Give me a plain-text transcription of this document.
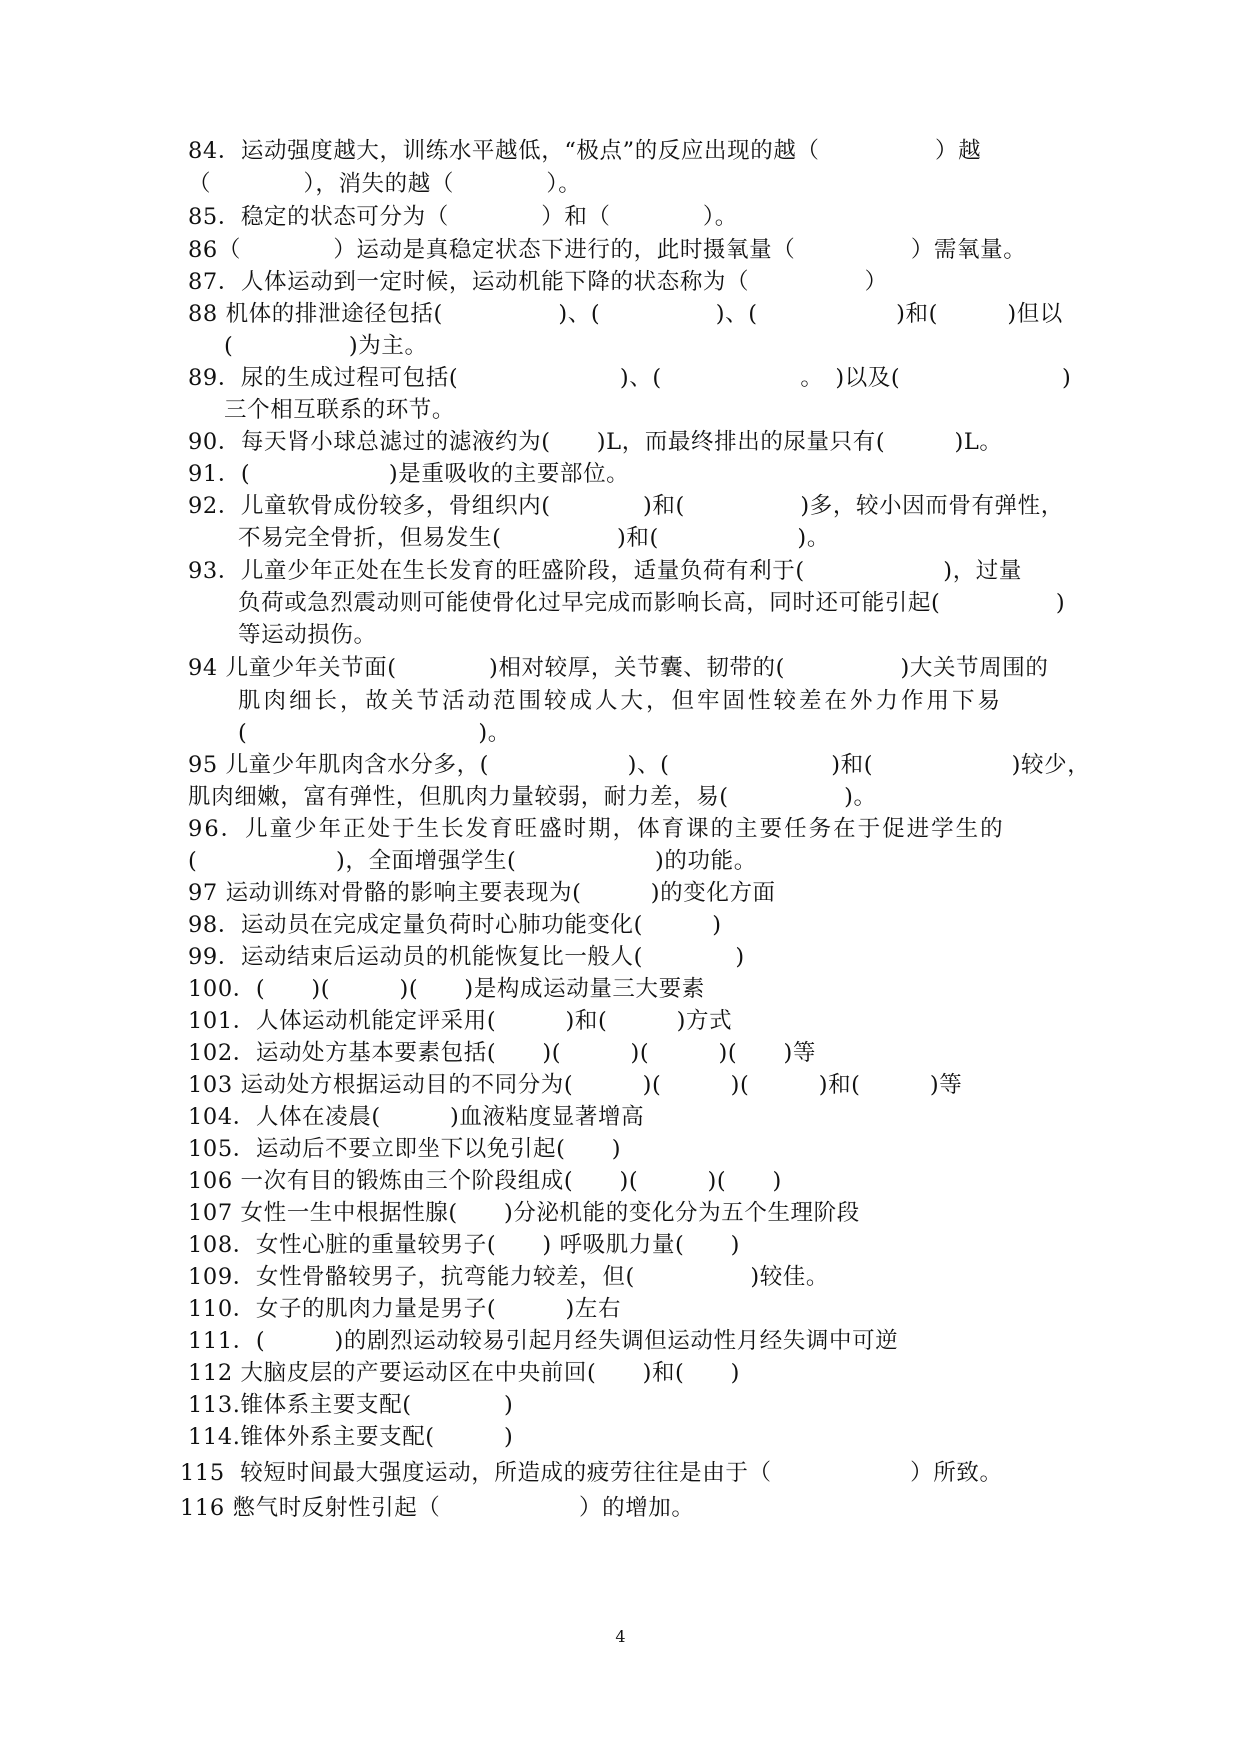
84．运动强度越大，训练水平越低，“极点”的反应出现的越（　　　　　）越
（　　　　），消失的越（　　　　）。
85．稳定的状态可分为（　　　　）和（　　　　）。
86（　　　　）运动是真稳定状态下进行的，此时摄氧量（　　　　　）需氧量。
87．人体运动到一定时候，运动机能下降的状态称为（　　　　　）
88 机体的排泄途径包括(　　　　　)、(　　　　　)、(　　　　　　)和(　　　)但以
(　　　　　)为主。
89．尿的生成过程可包括(　　　　　　　)、(　　　　　　。　)以及(　　　　　　　)
三个相互联系的环节。
90．每天肾小球总滤过的滤液约为(　　)L，而最终排出的尿量只有(　　　)L。
91．(　　　　　　)是重吸收的主要部位。
92．儿童软骨成份较多，骨组织内(　　　　)和(　　　　　)多，较小因而骨有弹性，
不易完全骨折，但易发生(　　　　　)和(　　　　　　)。
93．儿童少年正处在生长发育的旺盛阶段，适量负荷有利于(　　　　　　)，过量
负荷或急烈震动则可能使骨化过早完成而影响长高，同时还可能引起(　　　　　)
等运动损伤。
94 儿童少年关节面(　　　　)相对较厚，关节囊、韧带的(　　　　　)大关节周围的
肌肉细长，故关节活动范围较成人大，但牢固性较差在外力作用下易
(　　　　　　　　　　)。
95 儿童少年肌肉含水分多，(　　　　　　)、(　　　　　　　)和(　　　　　　)较少，
肌肉细嫩，富有弹性，但肌肉力量较弱，耐力差，易(　　　　　)。
96．儿童少年正处于生长发育旺盛时期，体育课的主要任务在于促进学生的
(　　　　　　)，全面增强学生(　　　　　　)的功能。
97 运动训练对骨骼的影响主要表现为(　　　)的变化方面
98．运动员在完成定量负荷时心肺功能变化(　　　)
99．运动结束后运动员的机能恢复比一般人(　　　　)
100．(　　)(　　　)(　　)是构成运动量三大要素
101．人体运动机能定评采用(　　　)和(　　　)方式
102．运动处方基本要素包括(　　)(　　　)(　　　)(　　)等
103 运动处方根据运动目的不同分为(　　　)(　　　)(　　　)和(　　　)等
104．人体在凌晨(　　　)血液粘度显著增高
105．运动后不要立即坐下以免引起(　　)
106 一次有目的锻炼由三个阶段组成(　　)(　　　)(　　)
107 女性一生中根据性腺(　　)分泌机能的变化分为五个生理阶段
108．女性心脏的重量较男子(　　) 呼吸肌力量(　　)
109．女性骨骼较男子，抗弯能力较差，但(　　　　　)较佳。
110．女子的肌肉力量是男子(　　　)左右
111．(　　　)的剧烈运动较易引起月经失调但运动性月经失调中可逆
112 大脑皮层的产要运动区在中央前回(　　)和(　　)
113.锥体系主要支配(　　　　)
114.锥体外系主要支配(　　　)
115  较短时间最大强度运动，所造成的疲劳往往是由于（　　　　　　）所致。
116 憋气时反射性引起（　　　　　　）的增加。
4
